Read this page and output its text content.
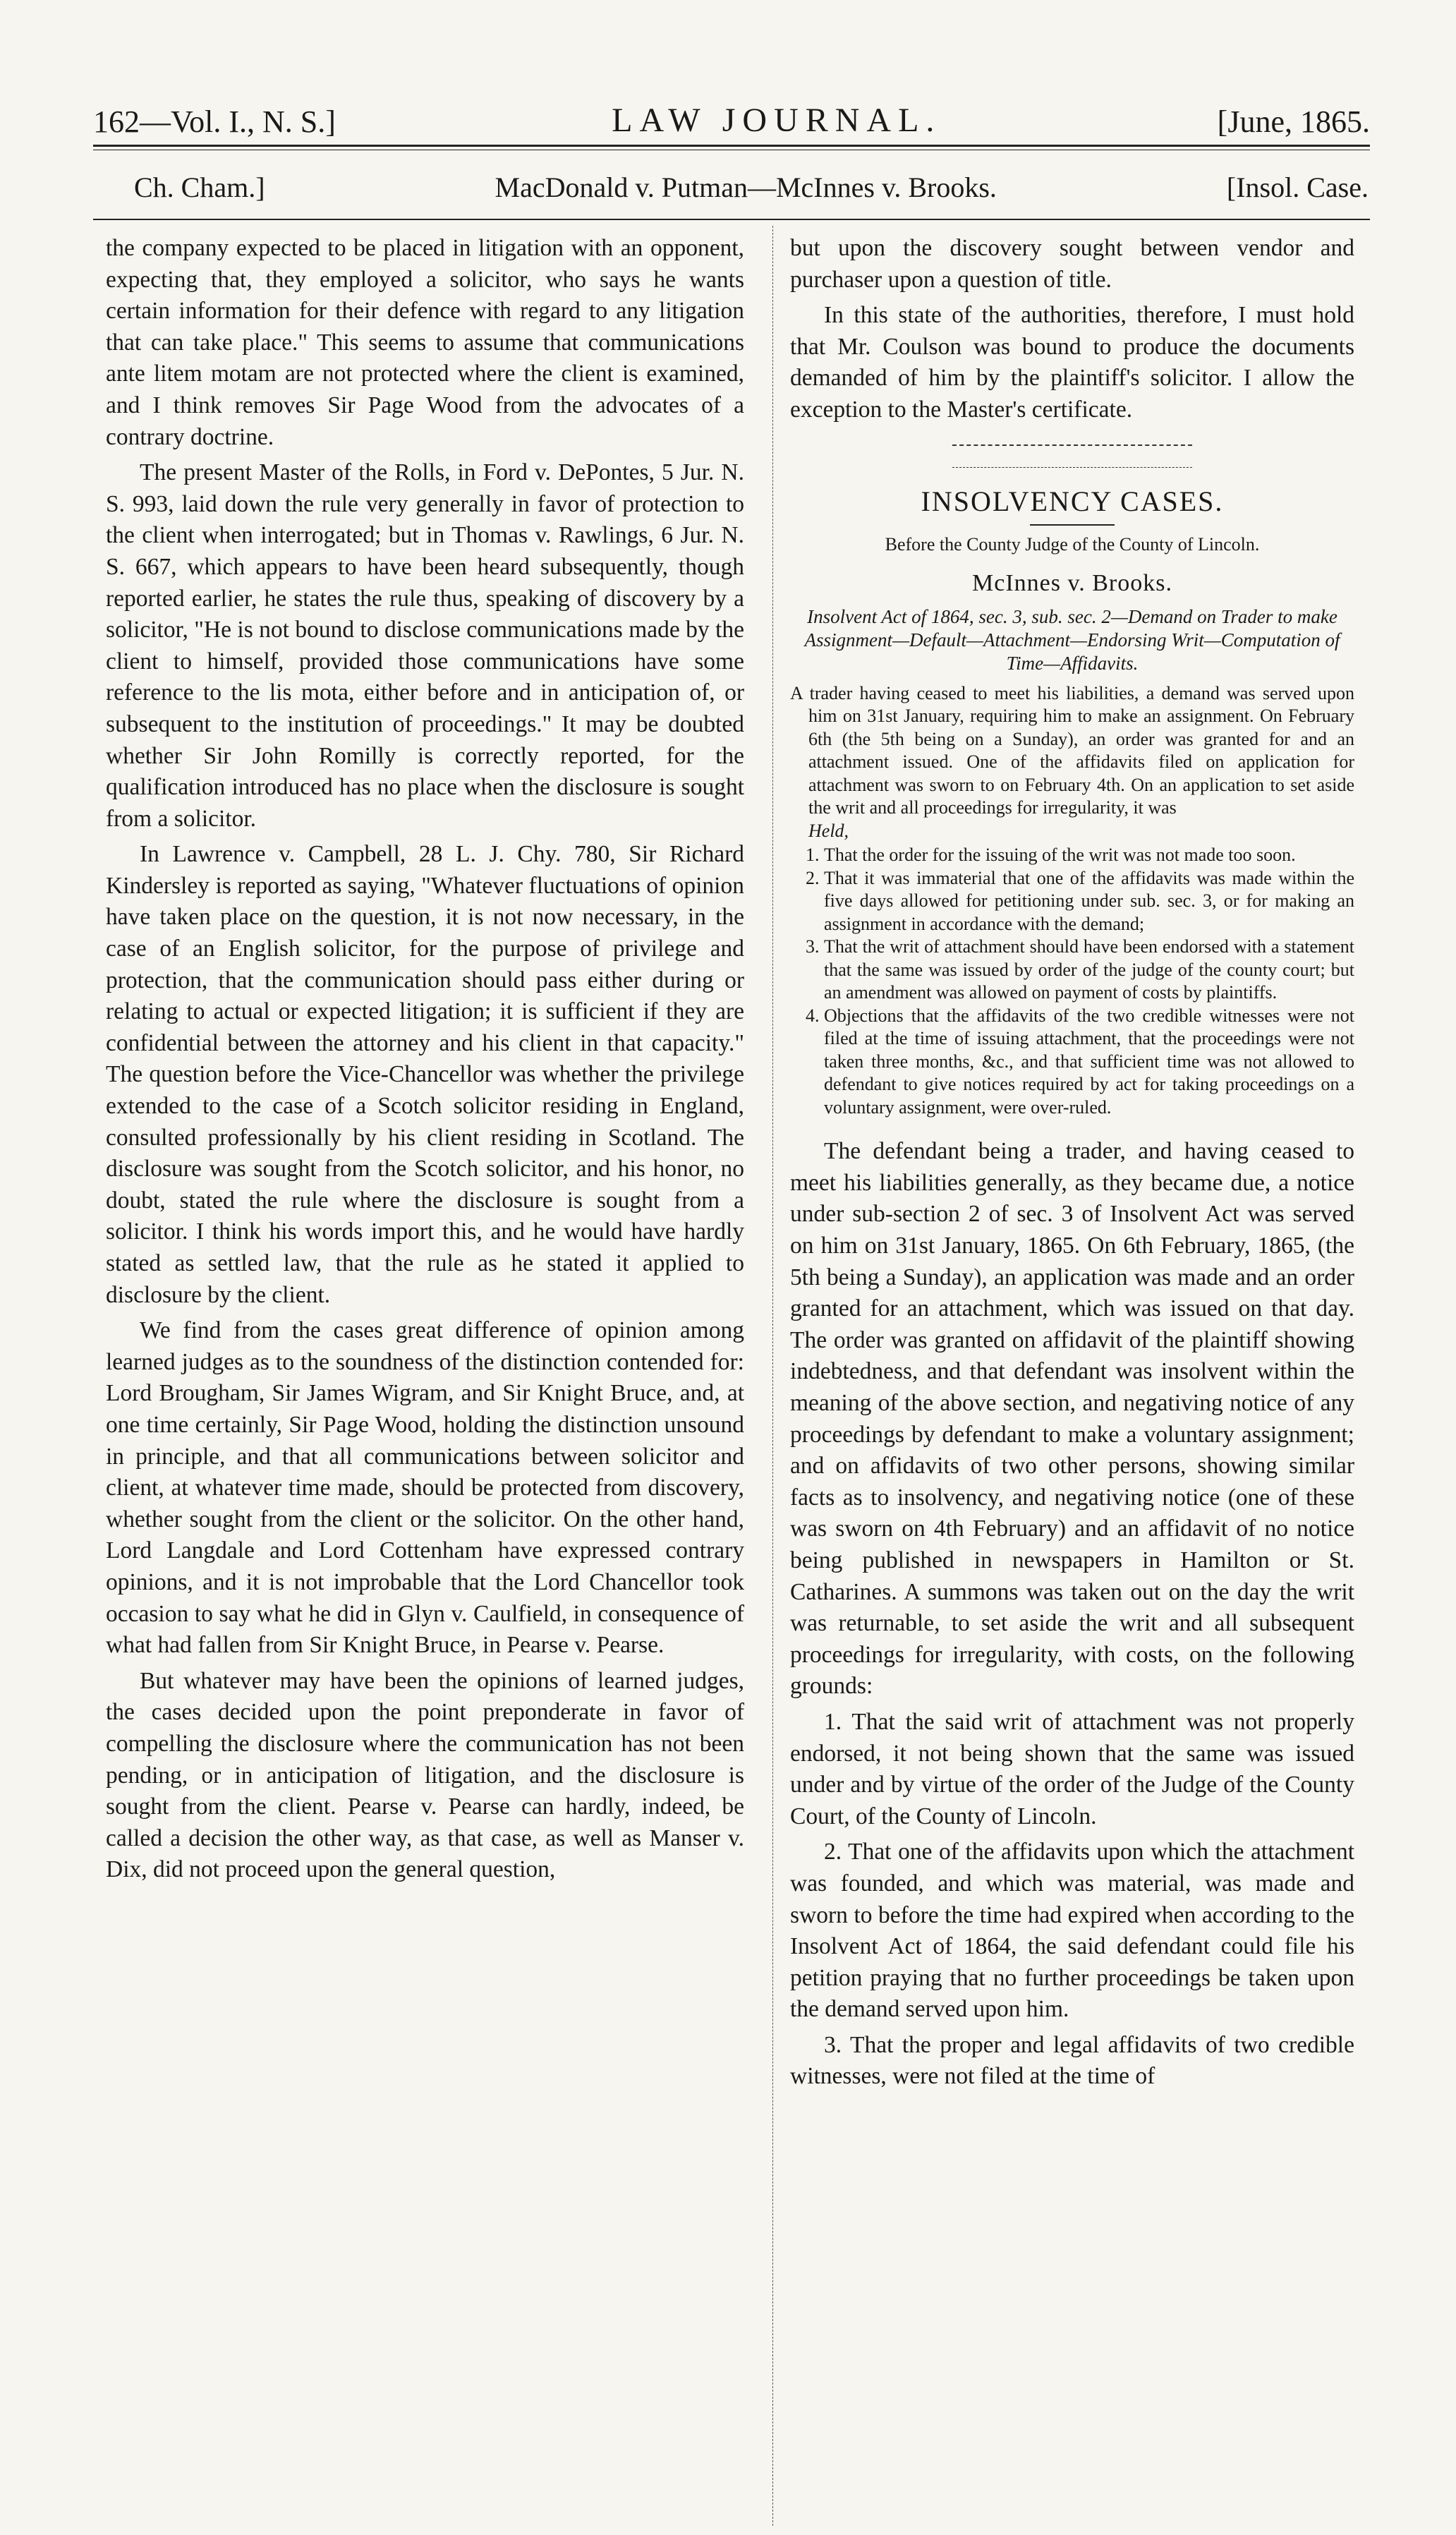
162—Vol. I., N. S.]	LAW JOURNAL.	[June, 1865.
Ch. Cham.]	MacDonald v. Putman—McInnes v. Brooks.	[Insol. Case.

the company expected to be placed in litigation with an opponent, expecting that, they employed a solicitor, who says he wants certain information for their defence with regard to any litigation that can take place." This seems to assume that communications ante litem motam are not protected where the client is examined, and I think removes Sir Page Wood from the advocates of a contrary doctrine.

The present Master of the Rolls, in Ford v. DePontes, 5 Jur. N. S. 993, laid down the rule very generally in favor of protection to the client when interrogated; but in Thomas v. Rawlings, 6 Jur. N. S. 667, which appears to have been heard subsequently, though reported earlier, he states the rule thus, speaking of discovery by a solicitor, "He is not bound to disclose communications made by the client to himself, provided those communications have some reference to the lis mota, either before and in anticipation of, or subsequent to the institution of proceedings." It may be doubted whether Sir John Romilly is correctly reported, for the qualification introduced has no place when the disclosure is sought from a solicitor.

In Lawrence v. Campbell, 28 L. J. Chy. 780, Sir Richard Kindersley is reported as saying, "Whatever fluctuations of opinion have taken place on the question, it is not now necessary, in the case of an English solicitor, for the purpose of privilege and protection, that the communication should pass either during or relating to actual or expected litigation; it is sufficient if they are confidential between the attorney and his client in that capacity." The question before the Vice-Chancellor was whether the privilege extended to the case of a Scotch solicitor residing in England, consulted professionally by his client residing in Scotland. The disclosure was sought from the Scotch solicitor, and his honor, no doubt, stated the rule where the disclosure is sought from a solicitor. I think his words import this, and he would have hardly stated as settled law, that the rule as he stated it applied to disclosure by the client.

We find from the cases great difference of opinion among learned judges as to the soundness of the distinction contended for: Lord Brougham, Sir James Wigram, and Sir Knight Bruce, and, at one time certainly, Sir Page Wood, holding the distinction unsound in principle, and that all communications between solicitor and client, at whatever time made, should be protected from discovery, whether sought from the client or the solicitor. On the other hand, Lord Langdale and Lord Cottenham have expressed contrary opinions, and it is not improbable that the Lord Chancellor took occasion to say what he did in Glyn v. Caulfield, in consequence of what had fallen from Sir Knight Bruce, in Pearse v. Pearse.

But whatever may have been the opinions of learned judges, the cases decided upon the point preponderate in favor of compelling the disclosure where the communication has not been pending, or in anticipation of litigation, and the disclosure is sought from the client. Pearse v. Pearse can hardly, indeed, be called a decision the other way, as that case, as well as Manser v. Dix, did not proceed upon the general question,

but upon the discovery sought between vendor and purchaser upon a question of title.

In this state of the authorities, therefore, I must hold that Mr. Coulson was bound to produce the documents demanded of him by the plaintiff's solicitor. I allow the exception to the Master's certificate.

INSOLVENCY CASES.
Before the County Judge of the County of Lincoln.
McInnes v. Brooks.
Insolvent Act of 1864, sec. 3, sub. sec. 2—Demand on Trader to make Assignment—Default—Attachment—Endorsing Writ—Computation of Time—Affidavits.

A trader having ceased to meet his liabilities, a demand was served upon him on 31st January, requiring him to make an assignment. On February 6th (the 5th being on a Sunday), an order was granted for and an attachment issued. One of the affidavits filed on application for attachment was sworn to on February 4th. On an application to set aside the writ and all proceedings for irregularity, it was

Held,
1. That the order for the issuing of the writ was not made too soon.
2. That it was immaterial that one of the affidavits was made within the five days allowed for petitioning under sub. sec. 3, or for making an assignment in accordance with the demand;
3. That the writ of attachment should have been endorsed with a statement that the same was issued by order of the judge of the county court; but an amendment was allowed on payment of costs by plaintiffs.
4. Objections that the affidavits of the two credible witnesses were not filed at the time of issuing attachment, that the proceedings were not taken three months, &c., and that sufficient time was not allowed to defendant to give notices required by act for taking proceedings on a voluntary assignment, were over-ruled.

The defendant being a trader, and having ceased to meet his liabilities generally, as they became due, a notice under sub-section 2 of sec. 3 of Insolvent Act was served on him on 31st January, 1865. On 6th February, 1865, (the 5th being a Sunday), an application was made and an order granted for an attachment, which was issued on that day. The order was granted on affidavit of the plaintiff showing indebtedness, and that defendant was insolvent within the meaning of the above section, and negativing notice of any proceedings by defendant to make a voluntary assignment; and on affidavits of two other persons, showing similar facts as to insolvency, and negativing notice (one of these was sworn on 4th February) and an affidavit of no notice being published in newspapers in Hamilton or St. Catharines. A summons was taken out on the day the writ was returnable, to set aside the writ and all subsequent proceedings for irregularity, with costs, on the following grounds:

1. That the said writ of attachment was not properly endorsed, it not being shown that the same was issued under and by virtue of the order of the Judge of the County Court, of the County of Lincoln.

2. That one of the affidavits upon which the attachment was founded, and which was material, was made and sworn to before the time had expired when according to the Insolvent Act of 1864, the said defendant could file his petition praying that no further proceedings be taken upon the demand served upon him.

3. That the proper and legal affidavits of two credible witnesses, were not filed at the time of
